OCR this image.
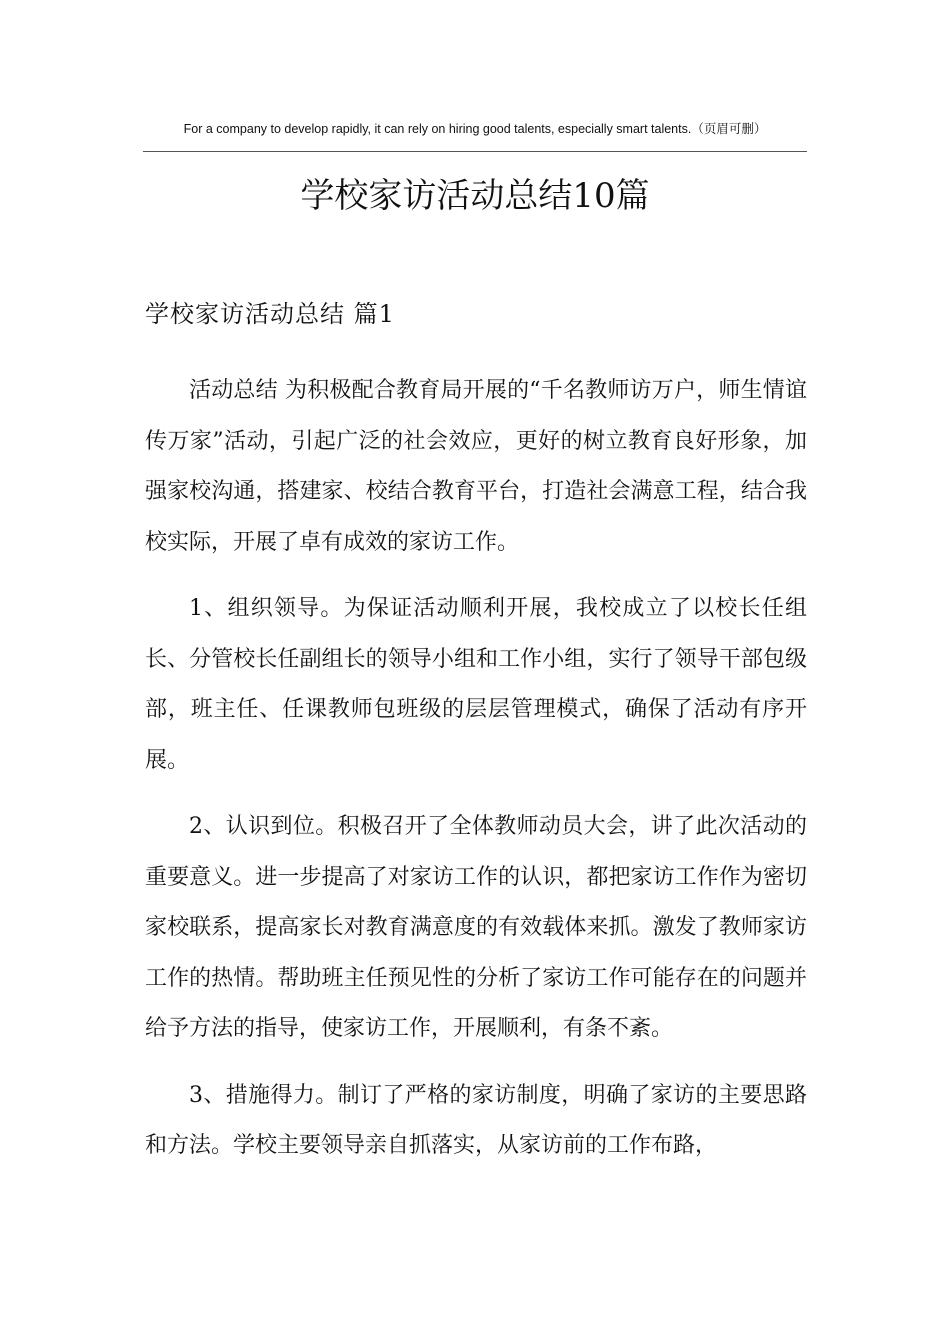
For a company to develop rapidly, it can rely on hiring good talents, especially smart talents.（页眉可删）
学校家访活动总结10篇
学校家访活动总结 篇1

活动总结 为积极配合教育局开展的“千名教师访万户，师生情谊传万家”活动，引起广泛的社会效应，更好的树立教育良好形象，加强家校沟通，搭建家、校结合教育平台，打造社会满意工程，结合我校实际，开展了卓有成效的家访工作。

1、组织领导。为保证活动顺利开展，我校成立了以校长任组长、分管校长任副组长的领导小组和工作小组，实行了领导干部包级部，班主任、任课教师包班级的层层管理模式，确保了活动有序开展。

2、认识到位。积极召开了全体教师动员大会，讲了此次活动的重要意义。进一步提高了对家访工作的认识，都把家访工作作为密切家校联系，提高家长对教育满意度的有效载体来抓。激发了教师家访工作的热情。帮助班主任预见性的分析了家访工作可能存在的问题并给予方法的指导，使家访工作，开展顺利，有条不紊。

3、措施得力。制订了严格的家访制度，明确了家访的主要思路和方法。学校主要领导亲自抓落实，从家访前的工作布路，
